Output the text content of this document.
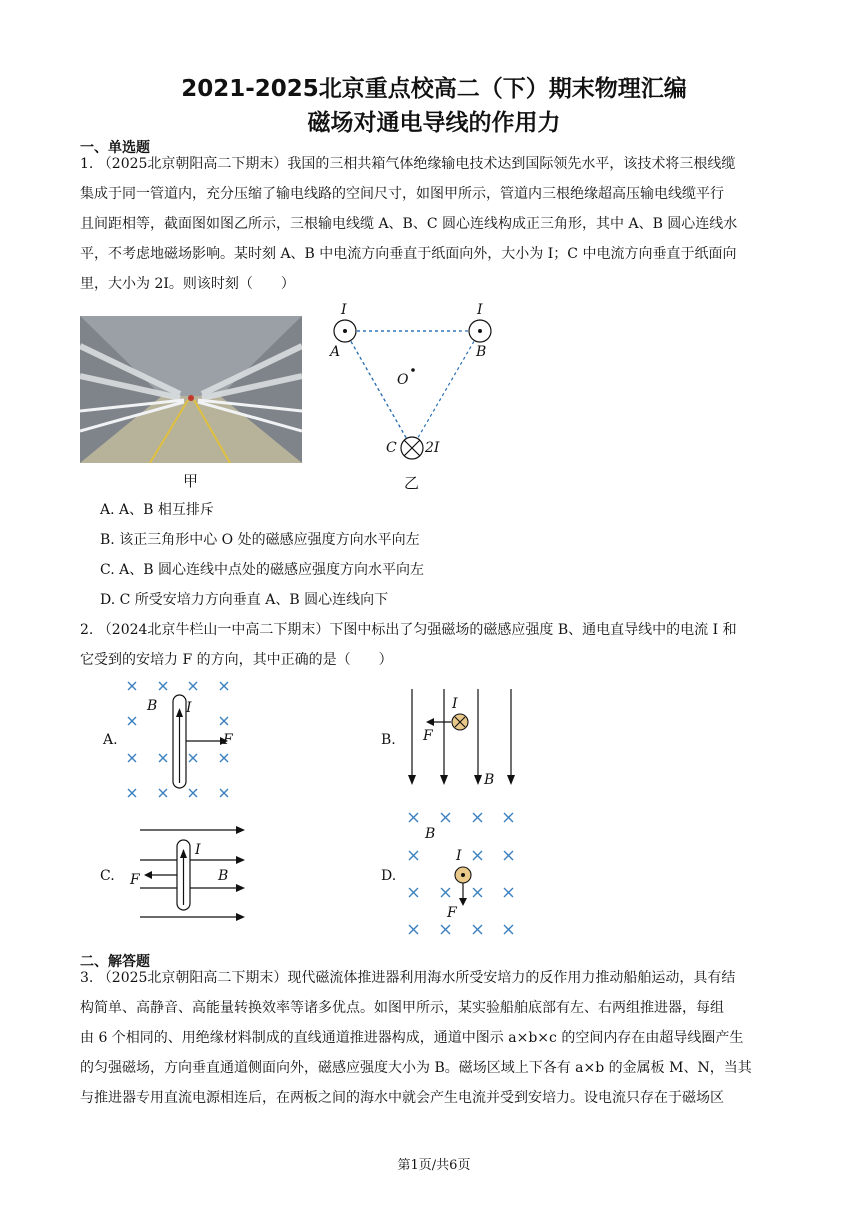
2021-2025北京重点校高二（下）期末物理汇编
磁场对通电导线的作用力
一、单选题
1. （2025北京朝阳高二下期末）我国的三相共箱气体绝缘输电技术达到国际领先水平，该技术将三根线缆
集成于同一管道内，充分压缩了输电线路的空间尺寸，如图甲所示，管道内三根绝缘超高压输电线缆平行
且间距相等，截面图如图乙所示，三根输电线缆 A、B、C 圆心连线构成正三角形，其中 A、B 圆心连线水
平，不考虑地磁场影响。某时刻 A、B 中电流方向垂直于纸面向外，大小为 I；C 中电流方向垂直于纸面向
里，大小为 2I。则该时刻（　　）
甲
I	I
A	B
O
C 2I
乙
A. A、B 相互排斥
B. 该正三角形中心 O 处的磁感应强度方向水平向左
C. A、B 圆心连线中点处的磁感应强度方向水平向左
D. C 所受安培力方向垂直 A、B 圆心连线向下
2. （2024北京牛栏山一中高二下期末）下图中标出了匀强磁场的磁感应强度 B、通电直导线中的电流 I 和
它受到的安培力 F 的方向，其中正确的是（　　）
A.
B I
F	B.
I
F
B
C.
I
F	B	D.
B
I
F
二、解答题
3. （2025北京朝阳高二下期末）现代磁流体推进器利用海水所受安培力的反作用力推动船舶运动，具有结
构简单、高静音、高能量转换效率等诸多优点。如图甲所示，某实验船舶底部有左、右两组推进器，每组
由 6 个相同的、用绝缘材料制成的直线通道推进器构成，通道中图示 a×b×c 的空间内存在由超导线圈产生
的匀强磁场，方向垂直通道侧面向外，磁感应强度大小为 B。磁场区域上下各有 a×b 的金属板 M、N，当其
与推进器专用直流电源相连后，在两板之间的海水中就会产生电流并受到安培力。设电流只存在于磁场区
第1页/共6页
